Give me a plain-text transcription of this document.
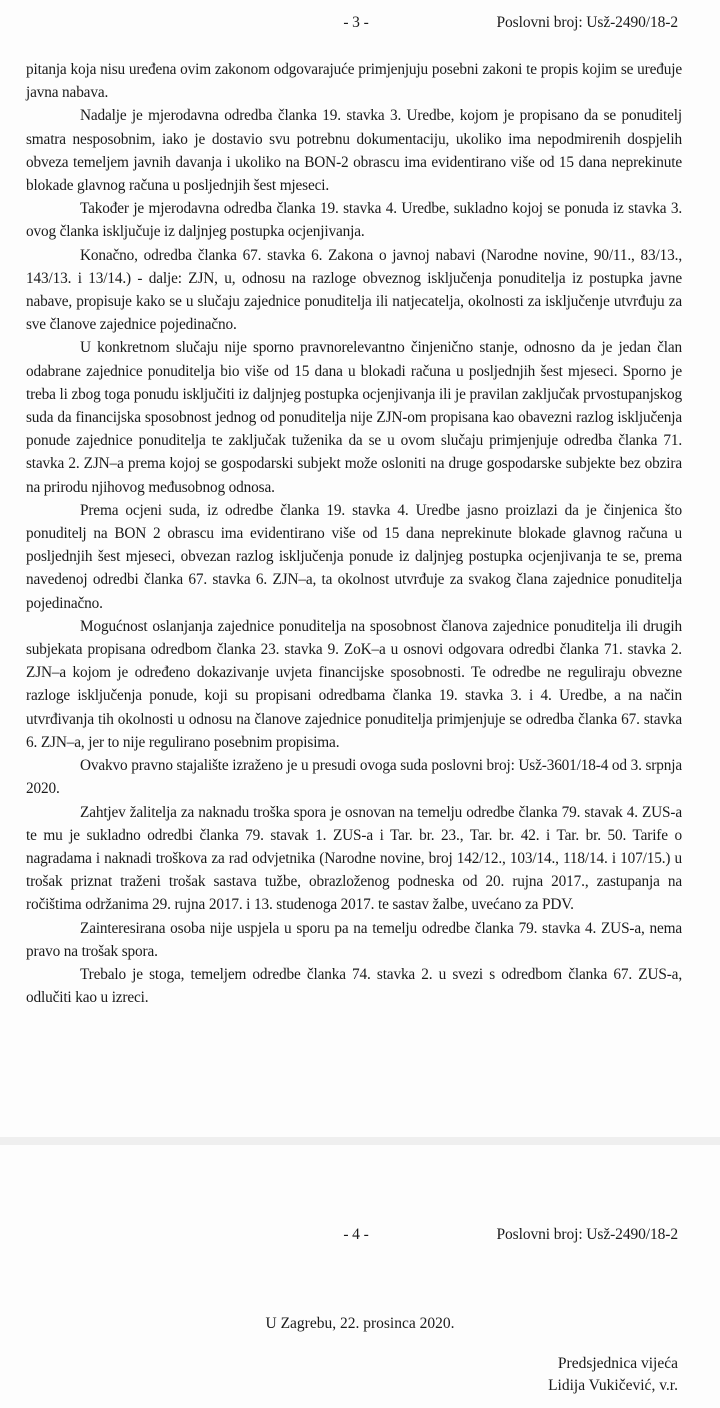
- 3 -	Poslovni broj: Usž-2490/18-2

pitanja koja nisu uređena ovim zakonom odgovarajuće primjenjuju posebni zakoni te propis kojim se uređuje javna nabava.

Nadalje je mjerodavna odredba članka 19. stavka 3. Uredbe, kojom je propisano da se ponuditelj smatra nesposobnim, iako je dostavio svu potrebnu dokumentaciju, ukoliko ima nepodmirenih dospjelih obveza temeljem javnih davanja i ukoliko na BON-2 obrascu ima evidentirano više od 15 dana neprekinute blokade glavnog računa u posljednjih šest mjeseci.

Također je mjerodavna odredba članka 19. stavka 4. Uredbe, sukladno kojoj se ponuda iz stavka 3. ovog članka isključuje iz daljnjeg postupka ocjenjivanja.

Konačno, odredba članka 67. stavka 6. Zakona o javnoj nabavi (Narodne novine, 90/11., 83/13., 143/13. i 13/14.) - dalje: ZJN, u, odnosu na razloge obveznog isključenja ponuditelja iz postupka javne nabave, propisuje kako se u slučaju zajednice ponuditelja ili natjecatelja, okolnosti za isključenje utvrđuju za sve članove zajednice pojedinačno.

U konkretnom slučaju nije sporno pravnorelevantno činjenično stanje, odnosno da je jedan član odabrane zajednice ponuditelja bio više od 15 dana u blokadi računa u posljednjih šest mjeseci. Sporno je treba li zbog toga ponudu isključiti iz daljnjeg postupka ocjenjivanja ili je pravilan zaključak prvostupanjskog suda da financijska sposobnost jednog od ponuditelja nije ZJN-om propisana kao obavezni razlog isključenja ponude zajednice ponuditelja te zaključak tuženika da se u ovom slučaju primjenjuje odredba članka 71. stavka 2. ZJN–a prema kojoj se gospodarski subjekt može osloniti na druge gospodarske subjekte bez obzira na prirodu njihovog međusobnog odnosa.

Prema ocjeni suda, iz odredbe članka 19. stavka 4. Uredbe jasno proizlazi da je činjenica što ponuditelj na BON 2 obrascu ima evidentirano više od 15 dana neprekinute blokade glavnog računa u posljednjih šest mjeseci, obvezan razlog isključenja ponude iz daljnjeg postupka ocjenjivanja te se, prema navedenoj odredbi članka 67. stavka 6. ZJN–a, ta okolnost utvrđuje za svakog člana zajednice ponuditelja pojedinačno.

Mogućnost oslanjanja zajednice ponuditelja na sposobnost članova zajednice ponuditelja ili drugih subjekata propisana odredbom članka 23. stavka 9. ZoK–a u osnovi odgovara odredbi članka 71. stavka 2. ZJN–a kojom je određeno dokazivanje uvjeta financijske sposobnosti. Te odredbe ne reguliraju obvezne razloge isključenja ponude, koji su propisani odredbama članka 19. stavka 3. i 4. Uredbe, a na način utvrđivanja tih okolnosti u odnosu na članove zajednice ponuditelja primjenjuje se odredba članka 67. stavka 6. ZJN–a, jer to nije regulirano posebnim propisima.

Ovakvo pravno stajalište izraženo je u presudi ovoga suda poslovni broj: Usž-3601/18-4 od 3. srpnja 2020.

Zahtjev žalitelja za naknadu troška spora je osnovan na temelju odredbe članka 79. stavak 4. ZUS-a te mu je sukladno odredbi članka 79. stavak 1. ZUS-a i Tar. br. 23., Tar. br. 42. i Tar. br. 50. Tarife o nagradama i naknadi troškova za rad odvjetnika (Narodne novine, broj 142/12., 103/14., 118/14. i 107/15.) u trošak priznat traženi trošak sastava tužbe, obrazloženog podneska od 20. rujna 2017., zastupanja na ročištima održanima 29. rujna 2017. i 13. studenoga 2017. te sastav žalbe, uvećano za PDV.

Zainteresirana osoba nije uspjela u sporu pa na temelju odredbe članka 79. stavka 4. ZUS-a, nema pravo na trošak spora.

Trebalo je stoga, temeljem odredbe članka 74. stavka 2. u svezi s odredbom članka 67. ZUS-a, odlučiti kao u izreci.

- 4 -	Poslovni broj: Usž-2490/18-2
U Zagrebu, 22. prosinca 2020.
Predsjednica vijeća
Lidija Vukičević, v.r.
